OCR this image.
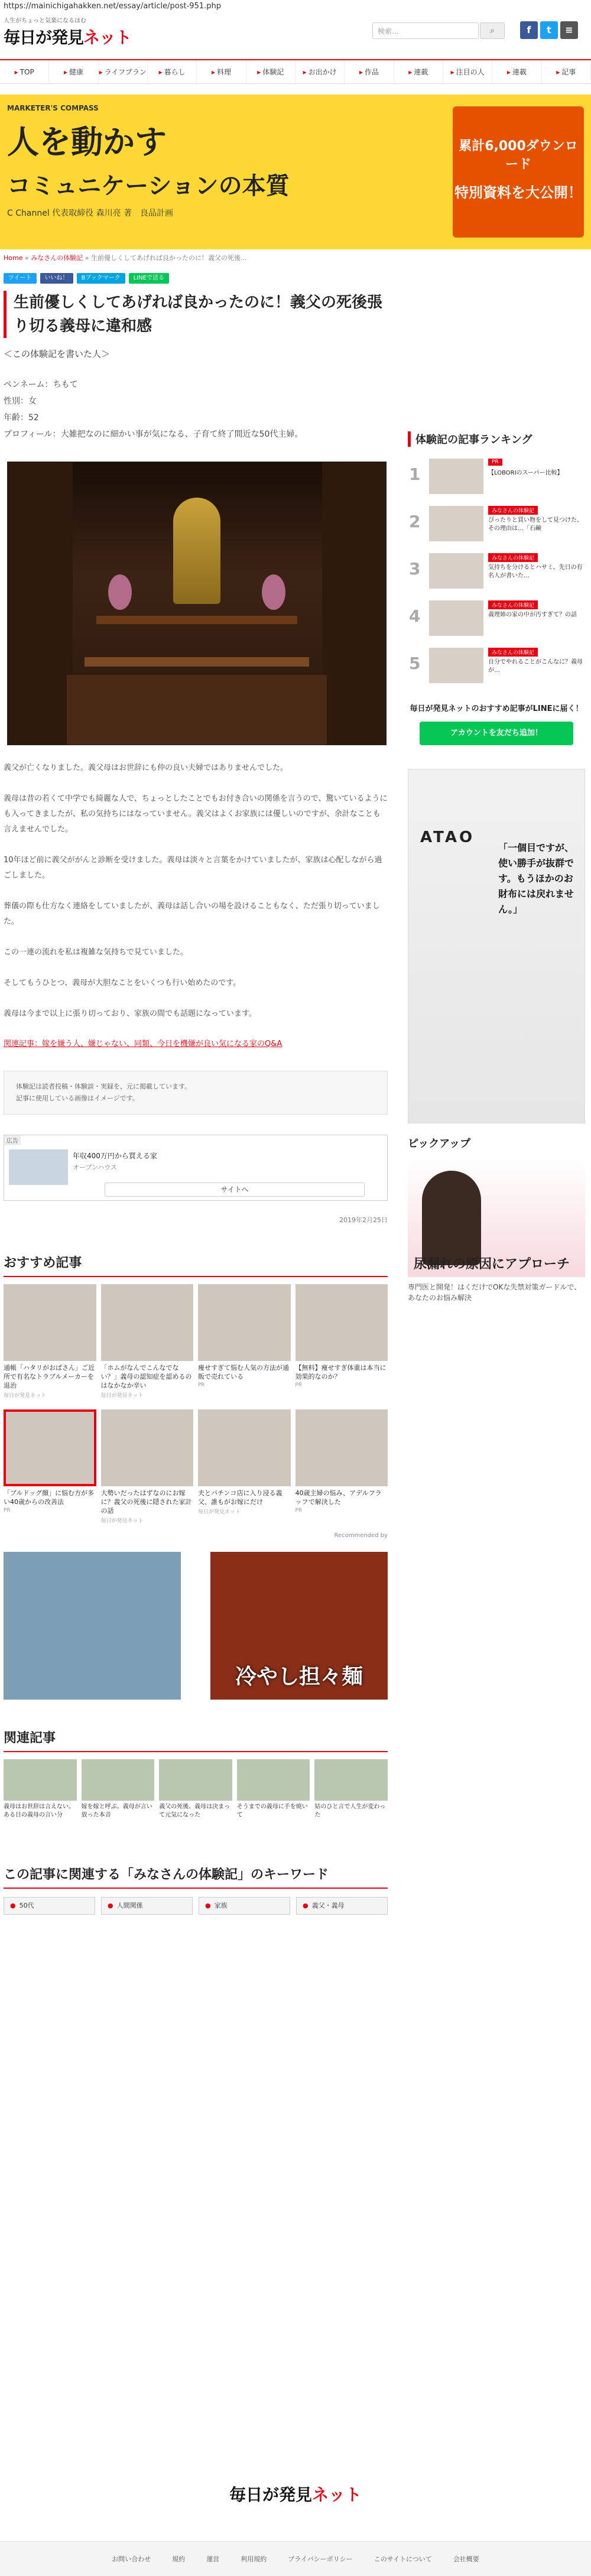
https://mainichigahakken.net/essay/article/post-951.php
人生がちょっと気楽になるほむ
毎日が発見ネット	検索...	⌕	f	t	≡
▸ TOP	▸ 健康	▸ ライフプラン	▸ 暮らし	▸ 料理	▸ 体験記	▸ お出かけ	▸ 作品	▸ 連載	▸ 注目の人	▸ 連載	▸ 記事
MARKETER'S COMPASS
人を動かす
コミュニケーションの本質
C Channel 代表取締役 森川亮 著　良品計画
累計6,000ダウンロード
特別資料を大公開！
Home » みなさんの体験記 » 生前優しくしてあげれば良かったのに！義父の死後...
ツイート	いいね！	Bブックマーク	LINEで送る
生前優しくしてあげれば良かったのに！義父の死後張り切る義母に違和感
＜この体験記を書いた人＞
ペンネーム：ちもて
性別：女
年齢：52
プロフィール：大雑把なのに細かい事が気になる、子育て終了間近な50代主婦。

義父が亡くなりました。義父母はお世辞にも仲の良い夫婦ではありませんでした。

義母は昔の若くて中学でも綺麗な人で、ちょっとしたことでもお付き合いの関係を言うので、驚いているようにも入ってきましたが、私の気持ちにはなっていません。義父はよくお家族には優しいのですが、余計なことも言えませんでした。

10年ほど前に義父ががんと診断を受けました。義母は淡々と言葉をかけていましたが、家族は心配しながら過ごしました。

葬儀の際も仕方なく連絡をしていましたが、義母は話し合いの場を設けることもなく、ただ張り切っていました。

この一連の流れを私は複雑な気持ちで見ていました。

そしてもうひとつ、義母が大胆なことをいくつも行い始めたのです。

義母は今まで以上に張り切っており、家族の間でも話題になっています。

関連記事：嫁を嫌う人、嫌じゃない、同類、今日を機嫌が良い気になる家のQ&A
体験記は読者投稿・体験談・実録を、元に掲載しています。
記事に使用している画像はイメージです。
広告
年収400万円から買える家
オープンハウス
サイトへ
2019年2月25日
おすすめ記事
通帳「ハタリがおばさん」ご近所で有名なトラブルメーカーを退治
毎日が発見ネット
「ホムがなんでこんなでない？」義母の認知症を認めるのはなかなか辛い
毎日が発見ネット
痩せすぎて悩む人気の方法が通販で売れている
PR
【無料】痩せすぎ体重は本当に効果的なのか？
PR
「ブルドッグ顔」に悩む方が多い40歳からの改善法
PR
大勢いだったはずなのにお嫁に？義父の死後に隠された家計の話
毎日が発見ネット
夫とパチンコ店に入り浸る義父、誰もがお嫁にだけ
毎日が発見ネット
40歳主婦の悩み、アデルフラッフで解決した
PR
Recommended by
冷やし担々麺
関連記事
義母はお世辞は言えない。ある日の義母の言い分
嫁を嫁と呼ぶ。義母が言い放った本音
義父の死後、義母は決まって元気になった
そうまでの義母に手を焼いて
姑のひと言で人生が変わった
この記事に関連する「みなさんの体験記」のキーワード
● 50代	● 人間関係	● 家族	● 義父・義母
体験記の記事ランキング
1
PR
【LOBORIのスーパー比較】
2
みなさんの体験記
ぴったりと買い物をして見つけた、その理由は…「石鹸
3
みなさんの体験記
気持ちを分けるとハサミ、先日の有名人が書いた…
4
みなさんの体験記
義理姉の家の中が汚すぎて？の話
5
みなさんの体験記
自分でやれることがこんなに？義母が…
毎日が発見ネットのおすすめ記事がLINEに届く！
アカウントを友だち追加！
ATAO
「一個目ですが、使い勝手が抜群です。もうほかのお財布には戻れません。」
ピックアップ
尿漏れの原因にアプローチ
専門医と開発！はくだけでOKな失禁対策ガードルで、あなたのお悩み解決
毎日が発見ネット
お問い合わせ	規約	運営	利用規約	プライバシーポリシー	このサイトについて	会社概要
